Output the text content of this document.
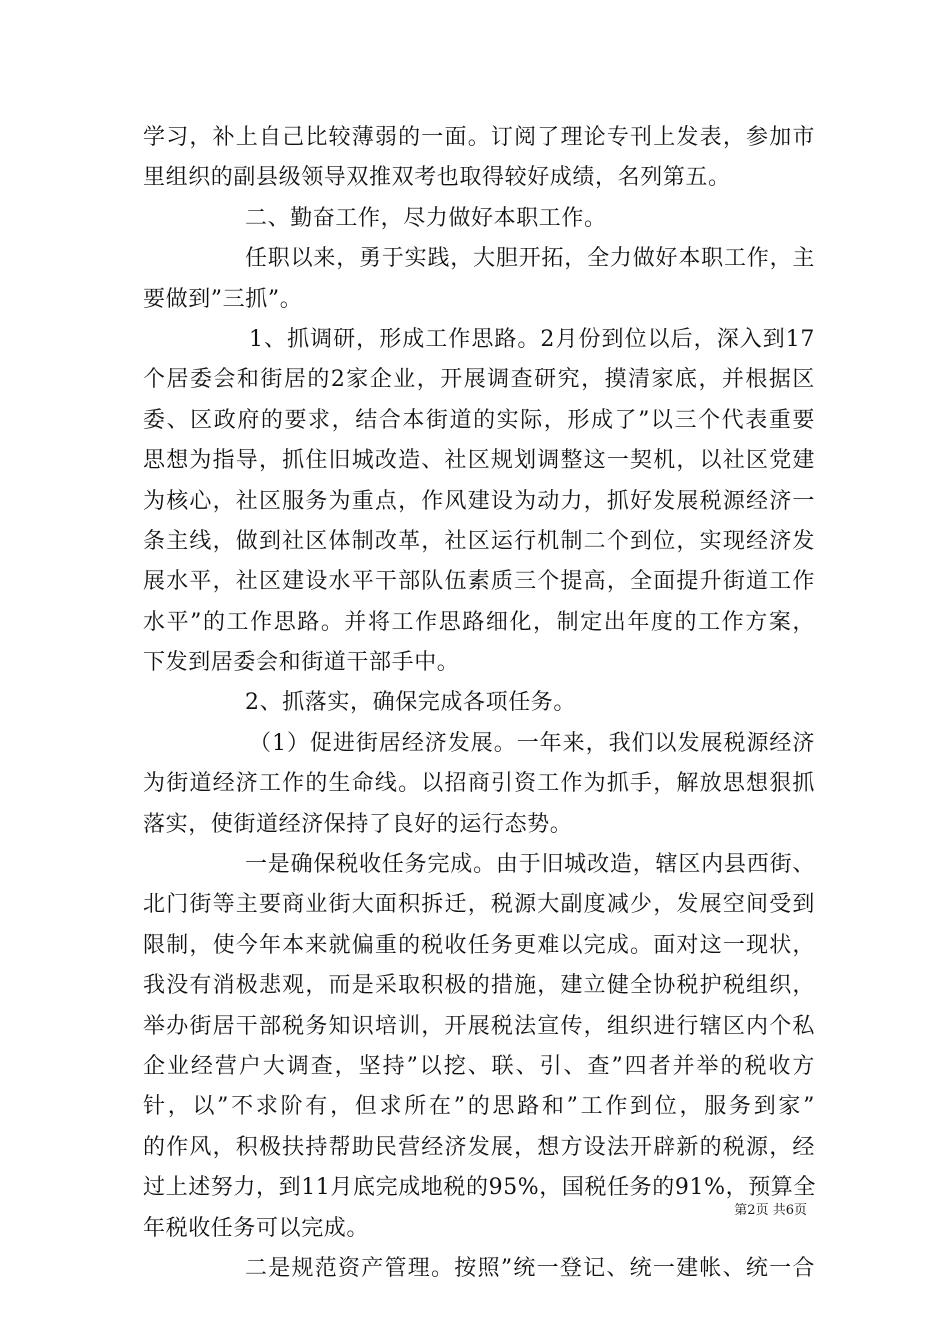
学习，补上自己比较薄弱的一面。订阅了理论专刊上发表，参加市
里组织的副县级领导双推双考也取得较好成绩，名列第五。
二、勤奋工作，尽力做好本职工作。
任职以来，勇于实践，大胆开拓，全力做好本职工作，主
要做到”三抓”。
1、抓调研，形成工作思路。2月份到位以后，深入到17
个居委会和街居的2家企业，开展调查研究，摸清家底，并根据区
委、区政府的要求，结合本街道的实际，形成了”以三个代表重要
思想为指导，抓住旧城改造、社区规划调整这一契机，以社区党建
为核心，社区服务为重点，作风建设为动力，抓好发展税源经济一
条主线，做到社区体制改革，社区运行机制二个到位，实现经济发
展水平，社区建设水平干部队伍素质三个提高，全面提升街道工作
水平”的工作思路。并将工作思路细化，制定出年度的工作方案，
下发到居委会和街道干部手中。
2、抓落实，确保完成各项任务。
（1）促进街居经济发展。一年来，我们以发展税源经济
为街道经济工作的生命线。以招商引资工作为抓手，解放思想狠抓
落实，使街道经济保持了良好的运行态势。
一是确保税收任务完成。由于旧城改造，辖区内县西街、
北门街等主要商业街大面积拆迁，税源大副度减少，发展空间受到
限制，使今年本来就偏重的税收任务更难以完成。面对这一现状，
我没有消极悲观，而是采取积极的措施，建立健全协税护税组织，
举办街居干部税务知识培训，开展税法宣传，组织进行辖区内个私
企业经营户大调查，坚持”以挖、联、引、查”四者并举的税收方
针，以”不求阶有，但求所在”的思路和”工作到位，服务到家”
的作风，积极扶持帮助民营经济发展，想方设法开辟新的税源，经
过上述努力，到11月底完成地税的95%，国税任务的91%，预算全
年税收任务可以完成。
二是规范资产管理。按照”统一登记、统一建帐、统一合
第2页 共6页
